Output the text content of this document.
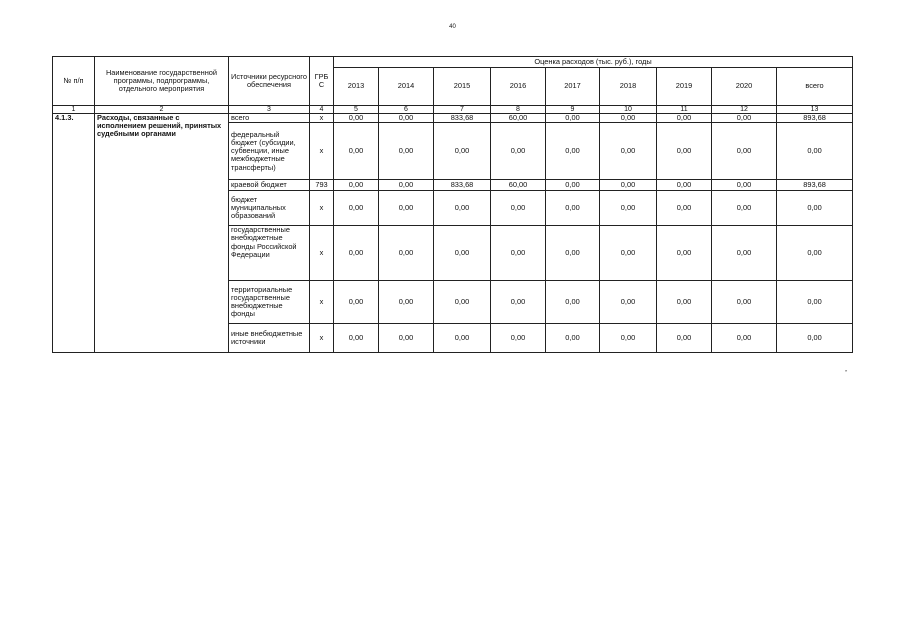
40
№ п/п	Наименование государственной программы, подпрограммы, отдельного мероприятия	Источники ресурсного обеспечения	ГРБ С	Оценка расходов (тыс. руб.), годы								
				2013	2014	2015	2016	2017	2018	2019	2020	всего
1	2	3	4	5	6	7	8	9	10	11	12	13
4.1.3.	Расходы, связанные с исполнением решений, принятых судебными органами	всего	x	0,00	0,00	833,68	60,00	0,00	0,00	0,00	0,00	893,68
		федеральный бюджет (субсидии, субвенции, иные межбюджетные трансферты)	x	0,00	0,00	0,00	0,00	0,00	0,00	0,00	0,00	0,00
		краевой бюджет	793	0,00	0,00	833,68	60,00	0,00	0,00	0,00	0,00	893,68
		бюджет муниципальных образований	x	0,00	0,00	0,00	0,00	0,00	0,00	0,00	0,00	0,00
		государственные внебюджетные фонды Российской Федерации	x	0,00	0,00	0,00	0,00	0,00	0,00	0,00	0,00	0,00
		территориальные государственные внебюджетные фонды	x	0,00	0,00	0,00	0,00	0,00	0,00	0,00	0,00	0,00
		иные внебюджетные источники	x	0,00	0,00	0,00	0,00	0,00	0,00	0,00	0,00	0,00
»
